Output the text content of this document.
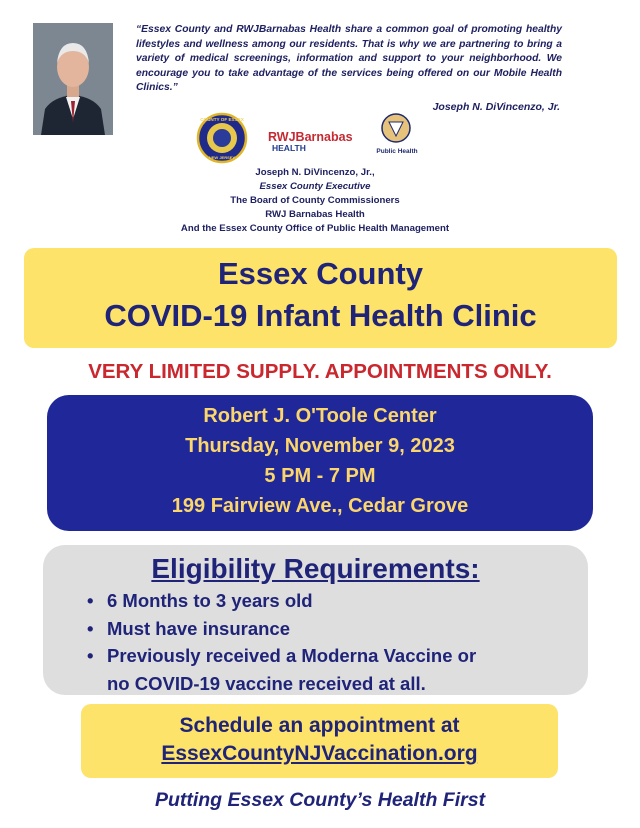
“Essex County and RWJBarnabas Health share a common goal of promoting healthy lifestyles and wellness among our residents. That is why we are partnering to bring a variety of medical screenings, information and support to your neighborhood. We encourage you to take advantage of the services being offered on our Mobile Health Clinics.”
Joseph N. DiVincenzo, Jr.
COUNTY OF ESSEX
NEW JERSEY
RWJBarnabas
HEALTH	Public Health
Joseph N. DiVincenzo, Jr.,
Essex County Executive
The Board of County Commissioners
RWJ Barnabas Health
And the Essex County Office of Public Health Management
Essex County
COVID-19 Infant Health Clinic
VERY LIMITED SUPPLY. APPOINTMENTS ONLY.
Robert J. O'Toole Center
Thursday, November 9, 2023
5 PM - 7 PM
199 Fairview Ave., Cedar Grove
Eligibility Requirements:
• 6 Months to 3 years old
• Must have insurance
• Previously received a Moderna Vaccine or
no COVID-19 vaccine received at all.
Schedule an appointment at
EssexCountyNJVaccination.org
Putting Essex County’s Health First
